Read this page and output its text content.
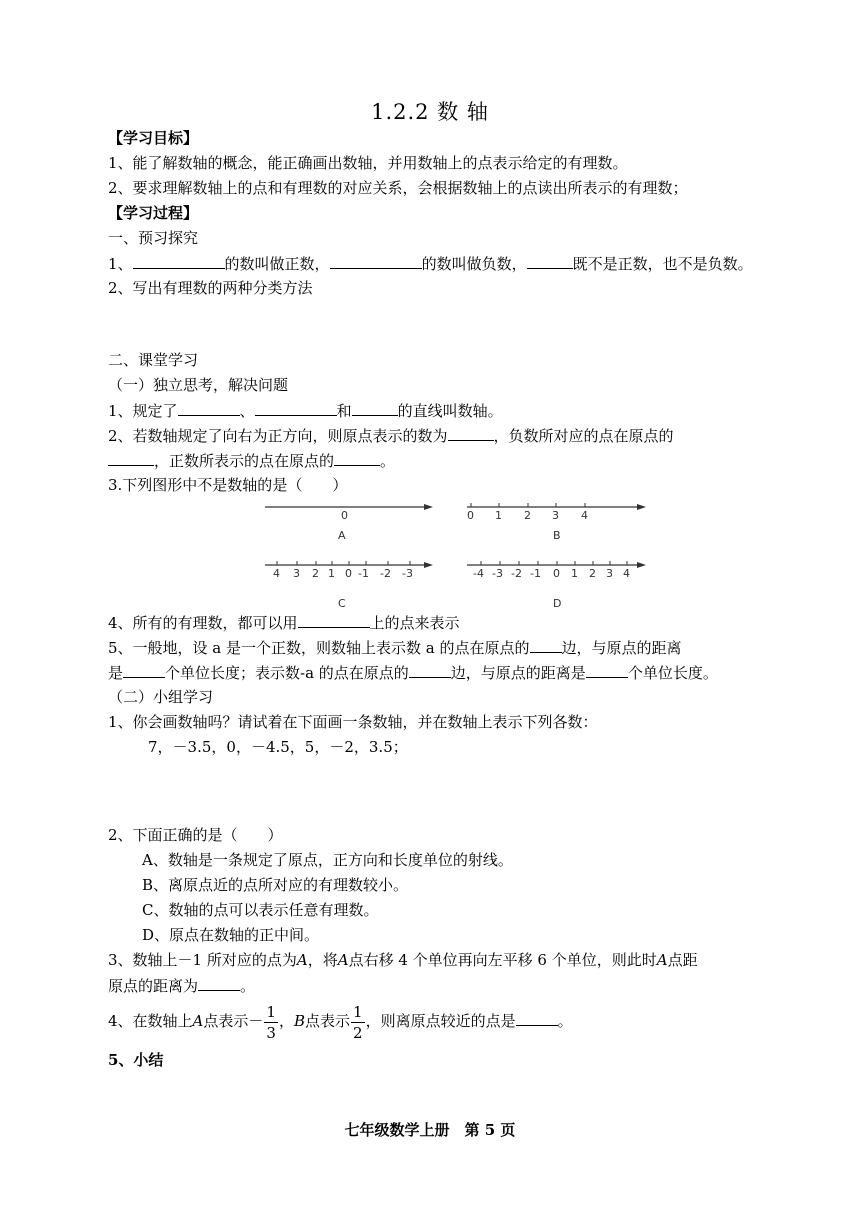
1.2.2 数 轴
【学习目标】
1、能了解数轴的概念，能正确画出数轴，并用数轴上的点表示给定的有理数。
2、要求理解数轴上的点和有理数的对应关系，会根据数轴上的点读出所表示的有理数；
【学习过程】
一、预习探究
1、	的数叫做正数，	的数叫做负数，	既不是正数，也不是负数。
2、写出有理数的两种分类方法
二、课堂学习
（一）独立思考，解决问题
1、规定了	、	和	的直线叫数轴。
2、若数轴规定了向右为正方向，则原点表示的数为	，负数所对应的点在原点的
，正数所表示的点在原点的	。
3.下列图形中不是数轴的是（　　）
0
A
0 1 2 3 4
B
4 3 2 1 0 -1 -2 -3
C
-4 -3 -2 -1 0 1 2 3 4
D
4、所有的有理数，都可以用	上的点来表示
5、一般地，设 a 是一个正数，则数轴上表示数 a 的点在原点的 边，与原点的距离
是	个单位长度；表示数-a 的点在原点的	边，与原点的距离是	个单位长度。
（二）小组学习
1、你会画数轴吗？请试着在下面画一条数轴，并在数轴上表示下列各数：
7，－3.5，0，－4.5，5，－2，3.5；
2、下面正确的是（　　）
A、数轴是一条规定了原点，正方向和长度单位的射线。
B、离原点近的点所对应的有理数较小。
C、数轴的点可以表示任意有理数。
D、原点在数轴的正中间。
3、数轴上－1 所对应的点为A，将A点右移 4 个单位再向左平移 6 个单位，则此时A点距
原点的距离为	。
4、在数轴上A点表示－ $\frac{1}{3}$ ，B点表示 $\frac{1}{2}$ ，则离原点较近的点是	。
5、小结
七年级数学上册　第 5 页
